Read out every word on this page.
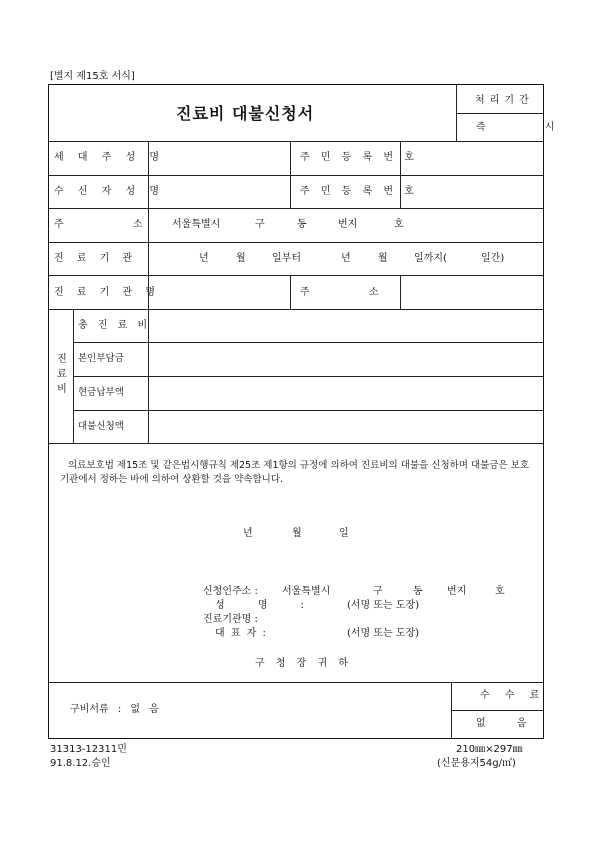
[별지 제15호 서식]
진료비 대불신청서
처리기간
즉 시
세 대 주 성 명	주 민 등 록 번 호
수 신 자 성 명	주 민 등 록 번 호
주 소	서울특별시	구	동	번지	호
진 료 기 관	년	월	일부터	년	월	일까지(	일간)
진 료 기 관 명	주 소
진 료 비
총 진 료 비
본인부담금
현금납부액
대불신청액
의료보호법 제15조 및 같은법시행규칙 제25조 제1항의 규정에 의하여 진료비의 대불을 신청하며 대불금은 보호기관에서 정하는 바에 의하여 상환할 것을 약속합니다.
년	월	일
신청인주소 : 서울특별시	구	동 번지	호
성 명 :	(서명 또는 도장)
진료기관명 :
대 표 자 :	(서명 또는 도장)
구 청 장 귀 하
구비서류 : 없 음
수 수 료
없 음
31313-12311민
91.8.12.승인
210㎜×297㎜
(신문용지54g/㎡)
